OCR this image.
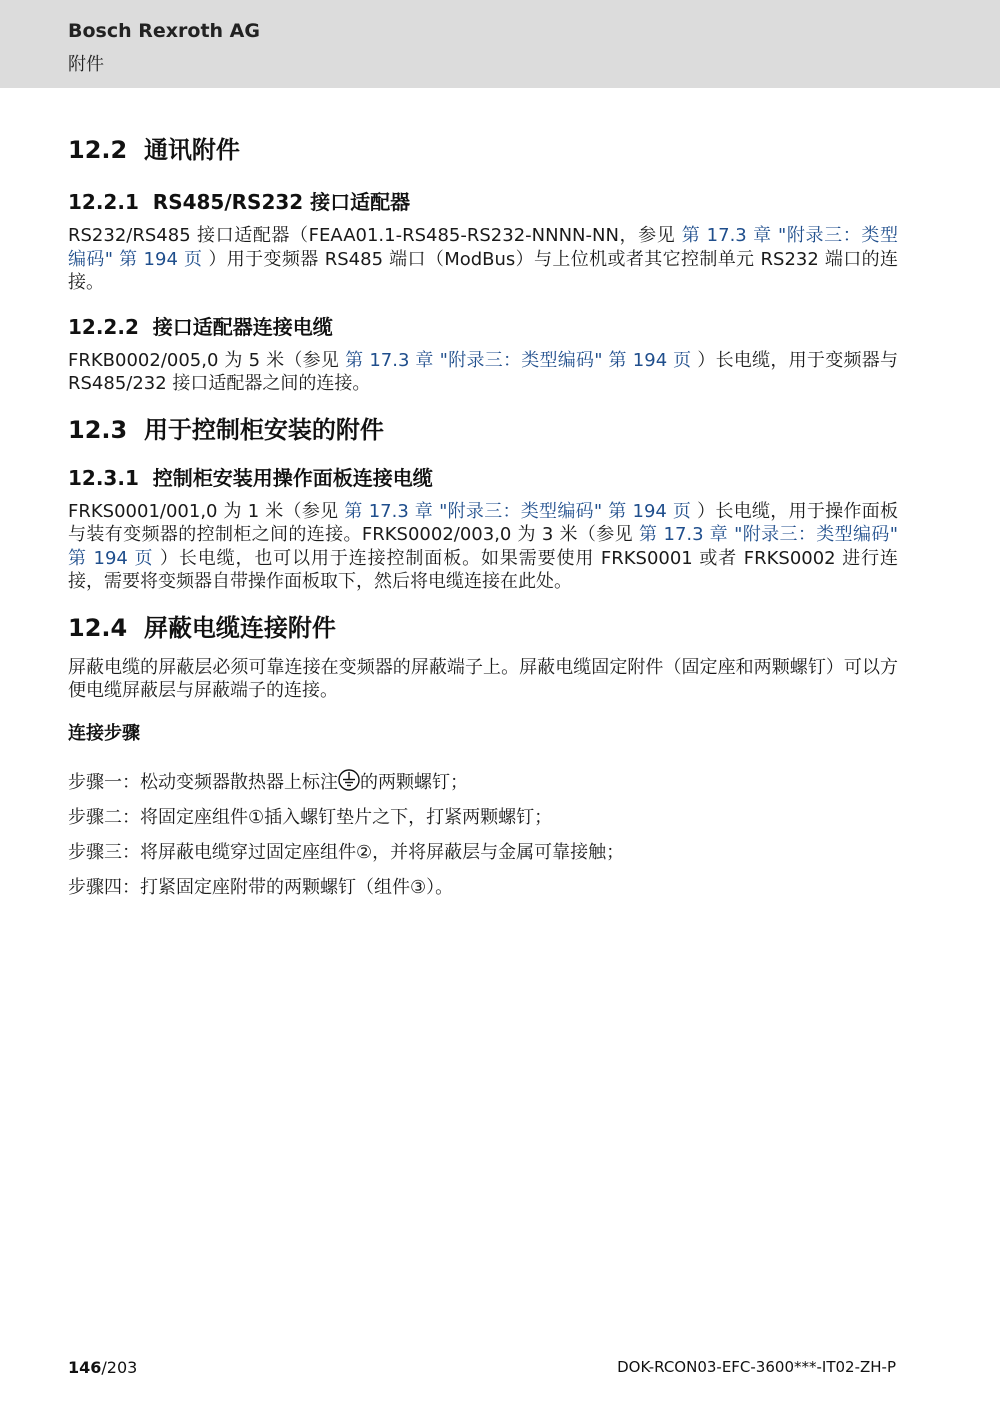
Bosch Rexroth AG
附件
12.2 通讯附件
12.2.1 RS485/RS232 接口适配器

RS232/RS485 接口适配器（FEAA01.1-RS485-RS232-NNNN-NN，参见 第 17.3 章 "附录三：类型编码" 第 194 页 ）用于变频器 RS485 端口（ModBus）与上位机或者其它控制单元 RS232 端口的连接。

12.2.2 接口适配器连接电缆

FRKB0002/005,0 为 5 米（参见 第 17.3 章 "附录三：类型编码" 第 194 页 ）长电缆，用于变频器与 RS485/232 接口适配器之间的连接。

12.3 用于控制柜安装的附件
12.3.1 控制柜安装用操作面板连接电缆

FRKS0001/001,0 为 1 米（参见 第 17.3 章 "附录三：类型编码" 第 194 页 ）长电缆，用于操作面板与装有变频器的控制柜之间的连接。FRKS0002/003,0 为 3 米（参见 第 17.3 章 "附录三：类型编码" 第 194 页 ）长电缆，也可以用于连接控制面板。如果需要使用 FRKS0001 或者 FRKS0002 进行连接，需要将变频器自带操作面板取下，然后将电缆连接在此处。

12.4 屏蔽电缆连接附件

屏蔽电缆的屏蔽层必须可靠连接在变频器的屏蔽端子上。屏蔽电缆固定附件（固定座和两颗螺钉）可以方便电缆屏蔽层与屏蔽端子的连接。

连接步骤
步骤一：松动变频器散热器上标注 的两颗螺钉；
步骤二：将固定座组件①插入螺钉垫片之下，打紧两颗螺钉；
步骤三：将屏蔽电缆穿过固定座组件②，并将屏蔽层与金属可靠接触；
步骤四：打紧固定座附带的两颗螺钉（组件③）。
146/203	DOK-RCON03-EFC-3600***-IT02-ZH-P
